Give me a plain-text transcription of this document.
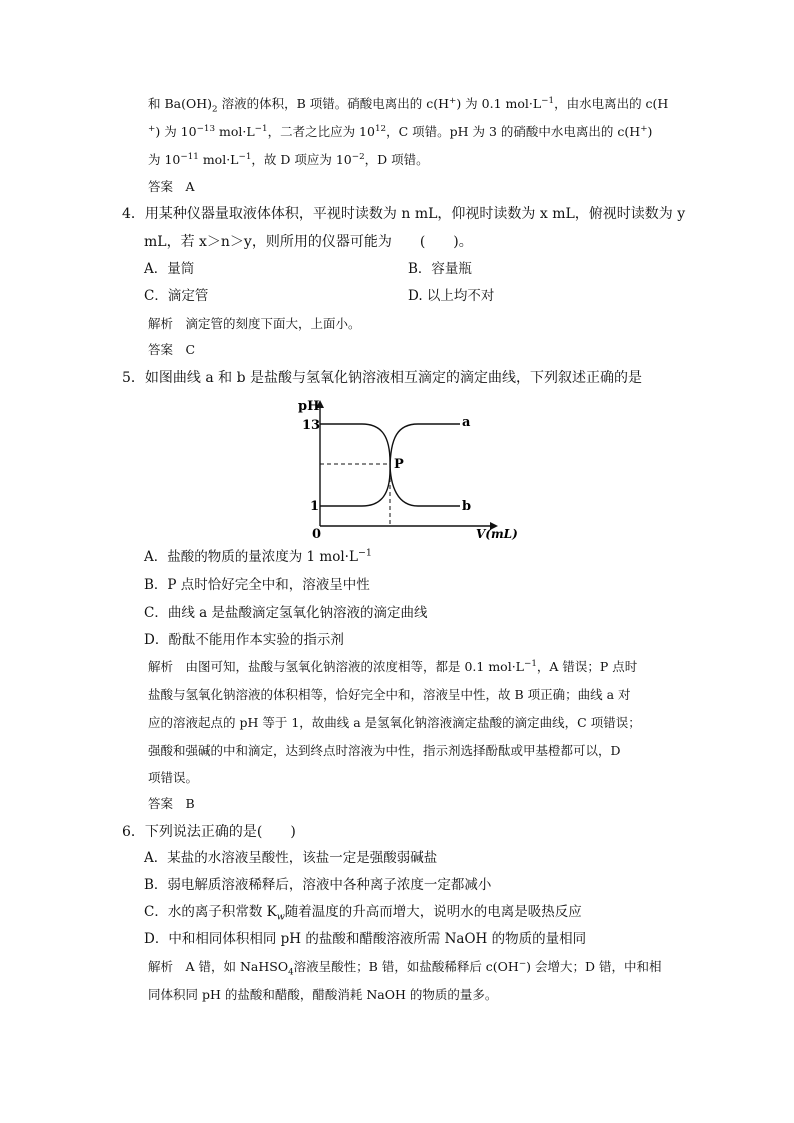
和 $Ba(OH)_2$ 溶液的体积，B 项错。硝酸电离出的 c(H+) 为 0.1 $mol\cdot L^{-1}$，由水电离出的 c(H
+) 为 $10^{-13}$ $mol\cdot L^{-1}$，二者之比应为 $10^{12}$，C 项错。pH 为 3 的硝酸中水电离出的 c(H+)
为 $10^{-11}$ $mol\cdot L^{-1}$，故 D 项应为 $10^{-2}$，D 项错。
答案　A
4．用某种仪器量取液体体积，平视时读数为 n mL，仰视时读数为 x mL，俯视时读数为 y
mL，若 x＞n＞y，则所用的仪器可能为　　(　　)。
A．量筒	B．容量瓶
C．滴定管	D. 以上均不对
解析　滴定管的刻度下面大，上面小。
答案　C
5．如图曲线 a 和 b 是盐酸与氢氧化钠溶液相互滴定的滴定曲线，下列叙述正确的是
pH
13
1
0
a
b
P
V(mL)
A．盐酸的物质的量浓度为 1 $mol\cdot L^{-1}$
B．P 点时恰好完全中和，溶液呈中性
C．曲线 a 是盐酸滴定氢氧化钠溶液的滴定曲线
D．酚酞不能用作本实验的指示剂
解析　由图可知，盐酸与氢氧化钠溶液的浓度相等，都是 0.1 $mol\cdot L^{-1}$，A 错误；P 点时
盐酸与氢氧化钠溶液的体积相等，恰好完全中和，溶液呈中性，故 B 项正确；曲线 a 对
应的溶液起点的 pH 等于 1，故曲线 a 是氢氧化钠溶液滴定盐酸的滴定曲线，C 项错误；
强酸和强碱的中和滴定，达到终点时溶液为中性，指示剂选择酚酞或甲基橙都可以，D
项错误。
答案　B
6．下列说法正确的是(　　)
A．某盐的水溶液呈酸性，该盐一定是强酸弱碱盐
B．弱电解质溶液稀释后，溶液中各种离子浓度一定都减小
C．水的离子积常数 $K_w$随着温度的升高而增大，说明水的电离是吸热反应
D．中和相同体积相同 pH 的盐酸和醋酸溶液所需 NaOH 的物质的量相同
解析　A 错，如 NaHSO$_4$溶液呈酸性；B 错，如盐酸稀释后 c(OH−) 会增大；D 错，中和相
同体积同 pH 的盐酸和醋酸，醋酸消耗 NaOH 的物质的量多。
